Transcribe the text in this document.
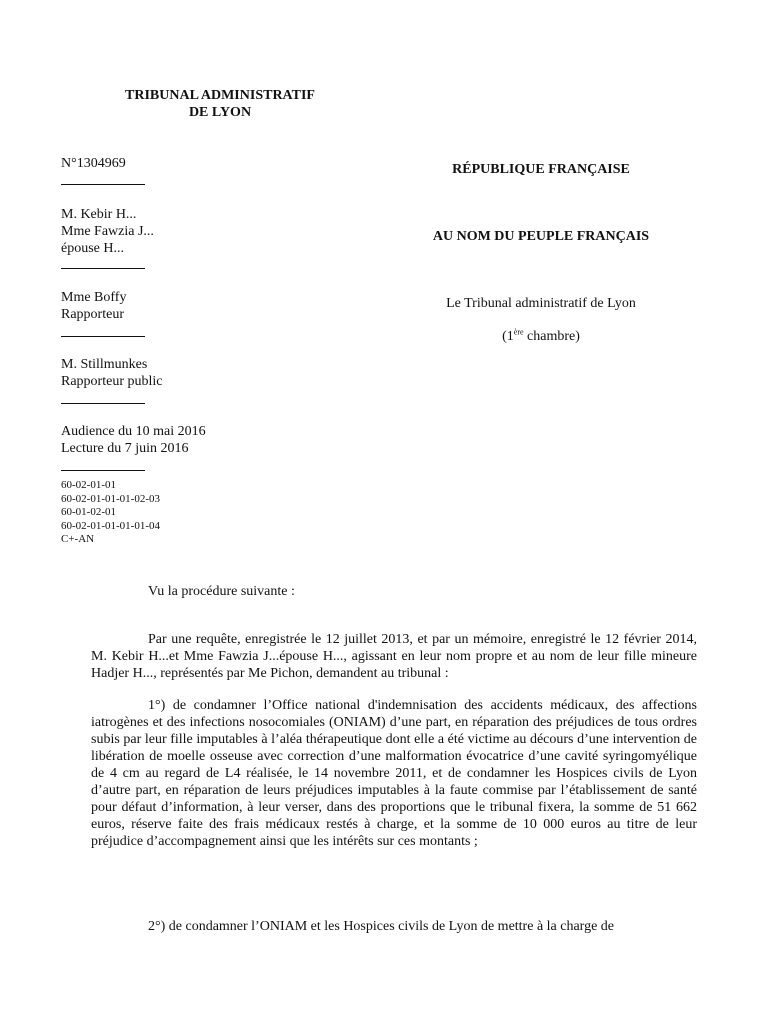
TRIBUNAL ADMINISTRATIF
DE LYON
N°1304969
M. Kebir H...
Mme Fawzia J...
épouse H...
Mme Boffy
Rapporteur
M. Stillmunkes
Rapporteur public
Audience du 10 mai 2016
Lecture du 7 juin 2016
60-02-01-01
60-02-01-01-01-02-03
60-01-02-01
60-02-01-01-01-01-04
C+-AN
RÉPUBLIQUE FRANÇAISE
AU NOM DU PEUPLE FRANÇAIS
Le Tribunal administratif de Lyon
(1ère chambre)
Vu la procédure suivante :
Par une requête, enregistrée le 12 juillet 2013, et par un mémoire, enregistré le 12 février 2014, M. Kebir H...et Mme Fawzia J...épouse H..., agissant en leur nom propre et au nom de leur fille mineure Hadjer H..., représentés par Me Pichon, demandent au tribunal :
1°) de condamner l’Office national d'indemnisation des accidents médicaux, des affections iatrogènes et des infections nosocomiales (ONIAM) d’une part, en réparation des préjudices de tous ordres subis par leur fille imputables à l’aléa thérapeutique dont elle a été victime au décours d’une intervention de libération de moelle osseuse avec correction d’une malformation évocatrice d’une cavité syringomyélique de 4 cm au regard de L4 réalisée, le 14 novembre 2011, et de condamner les Hospices civils de Lyon d’autre part, en réparation de leurs préjudices imputables à la faute commise par l’établissement de santé pour défaut d’information, à leur verser, dans des proportions que le tribunal fixera, la somme de 51 662 euros, réserve faite des frais médicaux restés à charge, et la somme de 10 000 euros au titre de leur préjudice d’accompagnement ainsi que les intérêts sur ces montants ;
2°) de condamner l’ONIAM et les Hospices civils de Lyon de mettre à la charge de
